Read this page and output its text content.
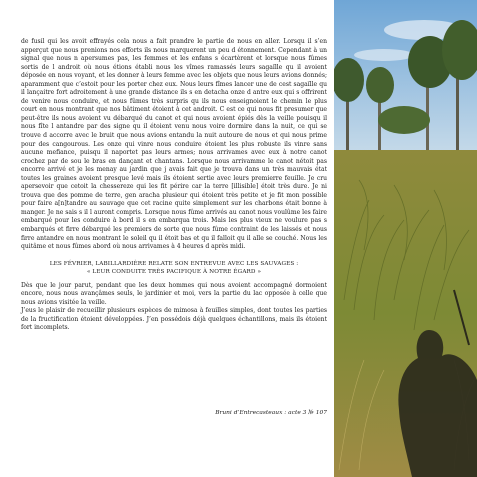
de fusil qui les avoit effrayés cela nous a fait prandre le partie de nous en aller. Lorsqu il s’en apperçut que nous prenions nos efforts ils nous marquerent un peu d étonnement. Cependant à un signal que nous n apersumes pas, les femmes et les enfans s écartèrent et lorsque nous fûmes sortis de l androit où nous étions établi nous les vîmes ramassés leurs sagaïlle qu il avoient déposée en nous voyant, et les donner à leurs femme avec les objets que nous leurs avions donnés; aparamment que c’estoit pour les porter chez eux. Nous leurs fîmes lancer une de cest sagaïlle qu il lançaitre fort adroitement à une grande distance ils s en detacha onze d antre eux qui s offrirent de venire nous conduire, et nous fûmes très surpris qu ils nous enseignoient le chemin le plus court en nous montrant que nos bâtiment étoient à cet androit. C est ce qui nous fit presumer que peut-être ils nous avoient vu débarqué du canot et qui nous avoient épiés dès la veille pouisqu il nous fîte l antandre par des signe qu il étoient venu nous voire dormire dans la nuit, ce qui se trouve d accorre avec le bruit que nous avions entandu la nuit autoure de nous et qui nous prime pour des cangourous. Les onze qui vinre nous conduire étoient les plus robuste ils vinre sans aucune mefiance, puisqu il naportet pas leurs armes; nous arrivames avec eux à notre canot crochez par de sou le bras en dançant et chantans. Lorsque nous arrivamme le canot nétoit pas encorre arrivé et je les menay au jardin que j avais fait que je trouva dans un très mauvais état toutes les graines avoient presque levé mais ils étoient sertie avec leurs premierre feuille. Je cru apersevoir que cetoit la chessereze qui les fit périre car la terre [illisible] étoit très dure. Je ni trouva que des pomme de terre, gen aracha plusieur qui étoient très petite et je fit mon possible pour faire a[n]tandre au sauvage que cet racine quite simplement sur les charbons était bonne à manger. Je ne sais s il l auront compris. Lorsque nous fûme arrivés au canot nous voulûme les faire embarqué pour les conduire à bord il s en embarqua trois. Mais les plus vieux ne voulure pas s embarqués et firre débarqué les premiers de sorte que nous fûme contraint de les laissés et nous firre antandre en nous montrant le soleil qu il étoit bas et qu il falloit qu il alle se couché. Nous les quitâme et nous fûmes abord où nous arrivames à 4 heures d après midi.

LES FÉVRIER, LABILLARDIÈRE RELATE SON ENTREVUE AVEC LES SAUVAGES :
« LEUR CONDUITE TRÈS PACIFIQUE À NOTRE ÉGARD »

Dès que le jour parut, pendant que les deux hommes qui nous avoient accompagné dormoient encore, nous nous avançâmes seuls, le jardinier et moi, vers la partie du lac opposée à celle que nous avions visitée la veille.

J’eus le plaisir de recueillir plusieurs espèces de mimosa à feuilles simples, dont toutes les parties de la fructification étoient développées. J’en possédois déjà quelques échantillons, mais ils étoient fort incomplets.

Bruni d’Entrecasteaux : acte 3 № 107
